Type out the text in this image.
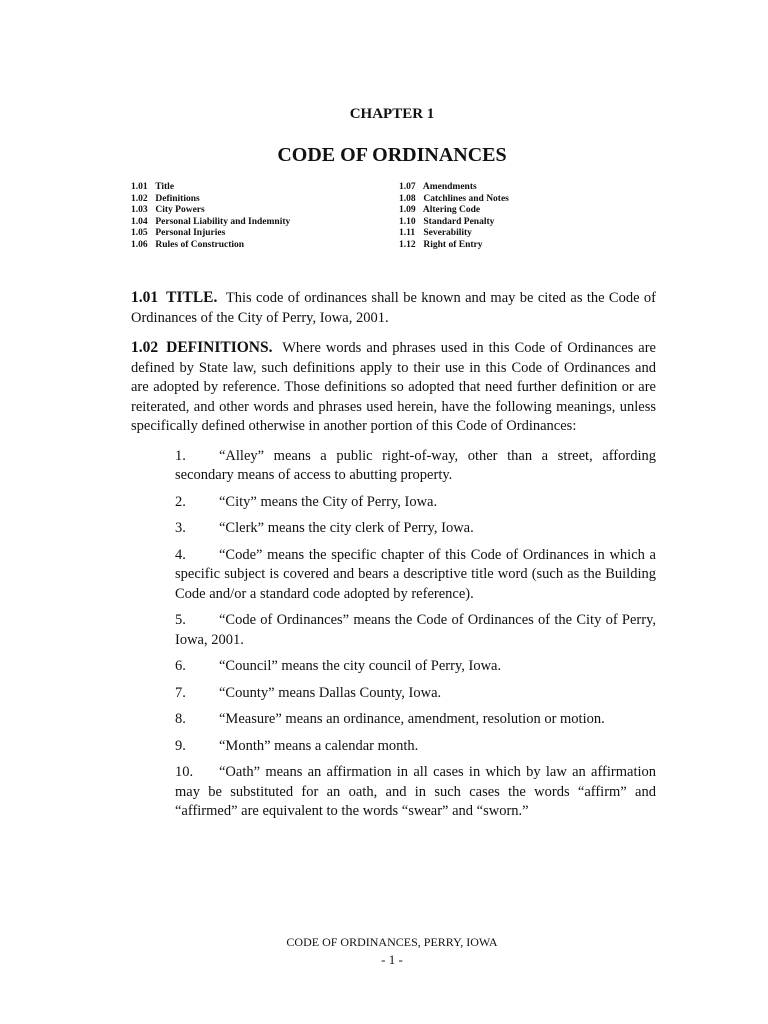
CHAPTER 1
CODE OF ORDINANCES
1.01 Title
1.02 Definitions
1.03 City Powers
1.04 Personal Liability and Indemnity
1.05 Personal Injuries
1.06 Rules of Construction
1.07 Amendments
1.08 Catchlines and Notes
1.09 Altering Code
1.10 Standard Penalty
1.11 Severability
1.12 Right of Entry

1.01 TITLE. This code of ordinances shall be known and may be cited as the Code of Ordinances of the City of Perry, Iowa, 2001.

1.02 DEFINITIONS. Where words and phrases used in this Code of Ordinances are defined by State law, such definitions apply to their use in this Code of Ordinances and are adopted by reference. Those definitions so adopted that need further definition or are reiterated, and other words and phrases used herein, have the following meanings, unless specifically defined otherwise in another portion of this Code of Ordinances:

1. “Alley” means a public right-of-way, other than a street, affording secondary means of access to abutting property.

2. “City” means the City of Perry, Iowa.

3. “Clerk” means the city clerk of Perry, Iowa.

4. “Code” means the specific chapter of this Code of Ordinances in which a specific subject is covered and bears a descriptive title word (such as the Building Code and/or a standard code adopted by reference).

5. “Code of Ordinances” means the Code of Ordinances of the City of Perry, Iowa, 2001.

6. “Council” means the city council of Perry, Iowa.

7. “County” means Dallas County, Iowa.

8. “Measure” means an ordinance, amendment, resolution or motion.

9. “Month” means a calendar month.

10. “Oath” means an affirmation in all cases in which by law an affirmation may be substituted for an oath, and in such cases the words “affirm” and “affirmed” are equivalent to the words “swear” and “sworn.”

CODE OF ORDINANCES, PERRY, IOWA
- 1 -
